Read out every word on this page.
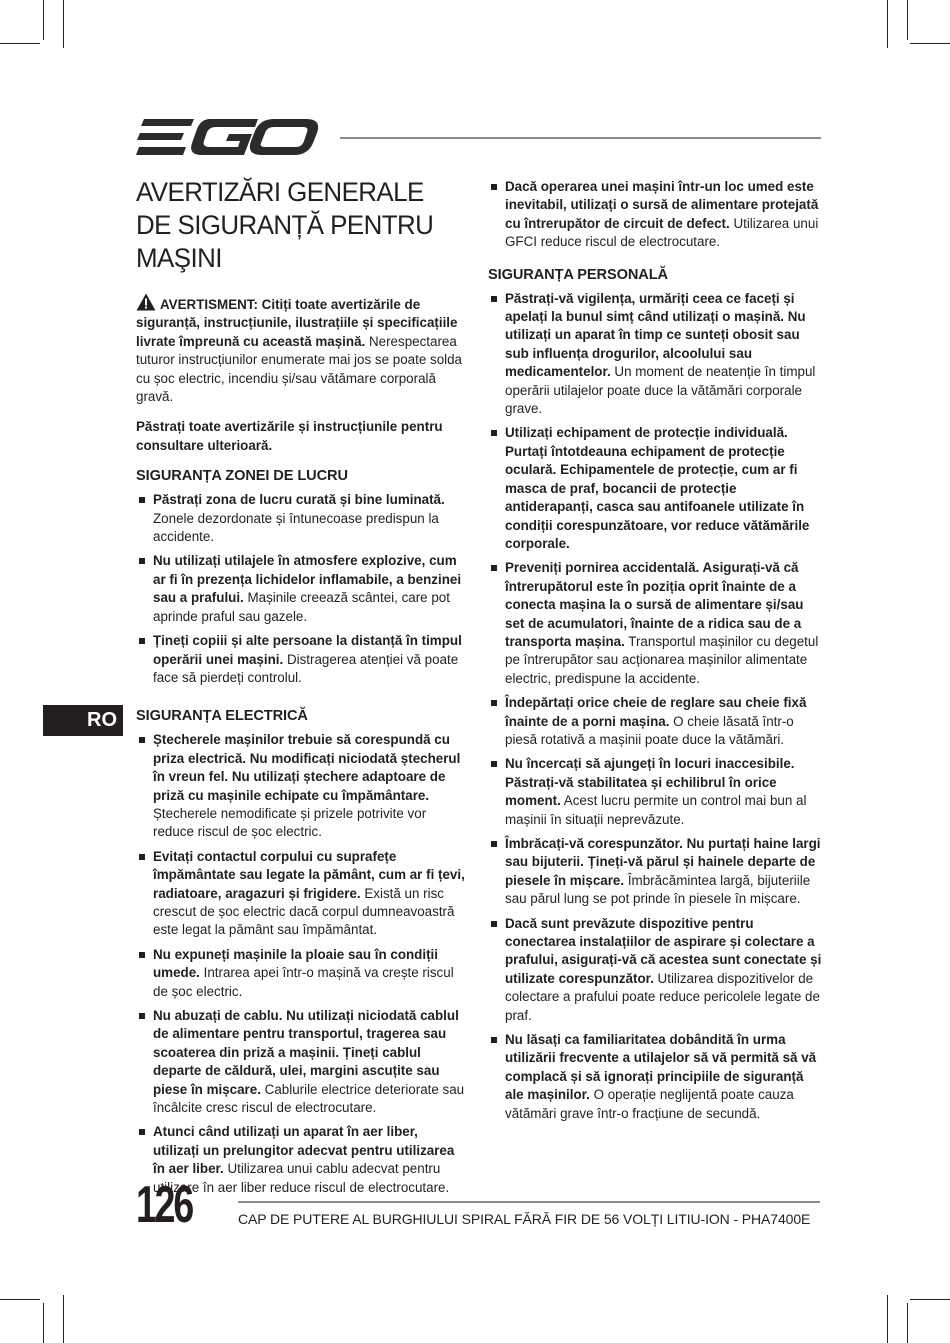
RO
AVERTIZĂRI GENERALE DE SIGURANȚĂ PENTRU MAŞINI

AVERTISMENT: Citiți toate avertizările de siguranță, instrucțiunile, ilustrațiile și specificațiile livrate împreună cu această mașină. Nerespectarea tuturor instrucțiunilor enumerate mai jos se poate solda cu șoc electric, incendiu și/sau vătămare corporală gravă.

Păstrați toate avertizările și instrucțiunile pentru consultare ulterioară.

SIGURANȚA ZONEI DE LUCRU
Păstrați zona de lucru curată și bine luminată. Zonele dezordonate și întunecoase predispun la accidente.
Nu utilizați utilajele în atmosfere explozive, cum ar fi în prezența lichidelor inflamabile, a benzinei sau a prafului. Mașinile creează scântei, care pot aprinde praful sau gazele.
Țineți copiii și alte persoane la distanță în timpul operării unei mașini. Distragerea atenției vă poate face să pierdeți controlul.
SIGURANȚA ELECTRICĂ
Ștecherele mașinilor trebuie să corespundă cu priza electrică. Nu modificați niciodată ștecherul în vreun fel. Nu utilizați ștechere adaptoare de priză cu mașinile echipate cu împământare. Ștecherele nemodificate și prizele potrivite vor reduce riscul de șoc electric.
Evitați contactul corpului cu suprafețe împământate sau legate la pământ, cum ar fi țevi, radiatoare, aragazuri și frigidere. Există un risc crescut de șoc electric dacă corpul dumneavoastră este legat la pământ sau împământat.
Nu expuneți mașinile la ploaie sau în condiții umede. Intrarea apei într-o mașină va crește riscul de șoc electric.
Nu abuzați de cablu. Nu utilizați niciodată cablul de alimentare pentru transportul, tragerea sau scoaterea din priză a mașinii. Țineți cablul departe de căldură, ulei, margini ascuțite sau piese în mișcare. Cablurile electrice deteriorate sau încâlcite cresc riscul de electrocutare.
Atunci când utilizați un aparat în aer liber, utilizați un prelungitor adecvat pentru utilizarea în aer liber. Utilizarea unui cablu adecvat pentru utilizare în aer liber reduce riscul de electrocutare.
Dacă operarea unei mașini într-un loc umed este inevitabil, utilizați o sursă de alimentare protejată cu întrerupător de circuit de defect. Utilizarea unui GFCI reduce riscul de electrocutare.
SIGURANȚA PERSONALĂ
Păstrați-vă vigilența, urmăriți ceea ce faceți și apelați la bunul simț când utilizați o mașină. Nu utilizați un aparat în timp ce sunteți obosit sau sub influența drogurilor, alcoolului sau medicamentelor. Un moment de neatenție în timpul operării utilajelor poate duce la vătămări corporale grave.
Utilizați echipament de protecție individuală. Purtați întotdeauna echipament de protecție oculară. Echipamentele de protecție, cum ar fi masca de praf, bocancii de protecție antiderapanți, casca sau antifoanele utilizate în condiții corespunzătoare, vor reduce vătămările corporale.
Preveniți pornirea accidentală. Asigurați-vă că întrerupătorul este în poziția oprit înainte de a conecta mașina la o sursă de alimentare și/sau set de acumulatori, înainte de a ridica sau de a transporta mașina. Transportul mașinilor cu degetul pe întrerupător sau acționarea mașinilor alimentate electric, predispune la accidente.
Îndepărtați orice cheie de reglare sau cheie fixă înainte de a porni mașina. O cheie lăsată într-o piesă rotativă a mașinii poate duce la vătămări.
Nu încercați să ajungeți în locuri inaccesibile. Păstrați-vă stabilitatea și echilibrul în orice moment. Acest lucru permite un control mai bun al mașinii în situații neprevăzute.
Îmbrăcați-vă corespunzător. Nu purtați haine largi sau bijuterii. Țineți-vă părul și hainele departe de piesele în mișcare. Îmbrăcămintea largă, bijuteriile sau părul lung se pot prinde în piesele în mișcare.
Dacă sunt prevăzute dispozitive pentru conectarea instalațiilor de aspirare și colectare a prafului, asigurați-vă că acestea sunt conectate și utilizate corespunzător. Utilizarea dispozitivelor de colectare a prafului poate reduce pericolele legate de praf.
Nu lăsați ca familiaritatea dobândită în urma utilizării frecvente a utilajelor să vă permită să vă complacă și să ignorați principiile de siguranță ale mașinilor. O operație neglijentă poate cauza vătămări grave într-o fracțiune de secundă.
126	CAP DE PUTERE AL BURGHIULUI SPIRAL FĂRĂ FIR DE 56 VOLȚI LITIU-ION - PHA7400E
